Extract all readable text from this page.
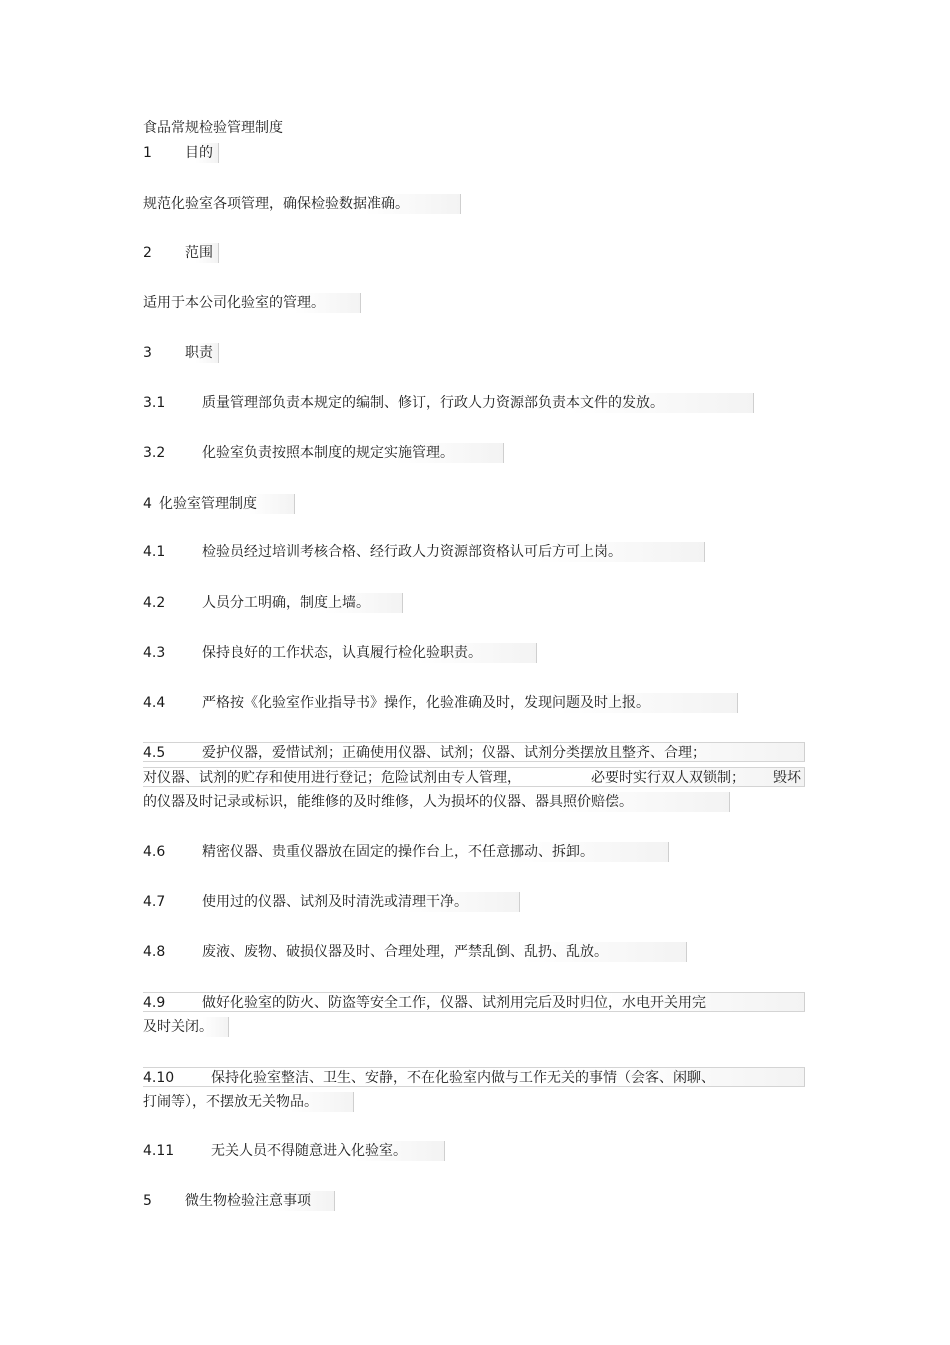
食品常规检验管理制度
1 目的
规范化验室各项管理，确保检验数据准确。
2 范围
适用于本公司化验室的管理。
3 职责
3.1	质量管理部负责本规定的编制、修订，行政人力资源部负责本文件的发放。
3.2	化验室负责按照本制度的规定实施管理。
4 化验室管理制度
4.1	检验员经过培训考核合格、经行政人力资源部资格认可后方可上岗。
4.2	人员分工明确，制度上墙。
4.3	保持良好的工作状态，认真履行检化验职责。
4.4	严格按《化验室作业指导书》操作，化验准确及时，发现问题及时上报。
4.5	爱护仪器，爱惜试剂；正确使用仪器、试剂；仪器、试剂分类摆放且整齐、合理；
对仪器、试剂的贮存和使用进行登记；危险试剂由专人管理，	必要时实行双人双锁制； 毁坏
的仪器及时记录或标识，能维修的及时维修，人为损坏的仪器、器具照价赔偿。
4.6	精密仪器、贵重仪器放在固定的操作台上，不任意挪动、拆卸。
4.7	使用过的仪器、试剂及时清洗或清理干净。
4.8	废液、废物、破损仪器及时、合理处理，严禁乱倒、乱扔、乱放。
4.9	做好化验室的防火、防盗等安全工作，仪器、试剂用完后及时归位，水电开关用完
及时关闭。
4.10	保持化验室整洁、卫生、安静，不在化验室内做与工作无关的事情（会客、闲聊、
打闹等），不摆放无关物品。
4.11	无关人员不得随意进入化验室。
5 微生物检验注意事项
